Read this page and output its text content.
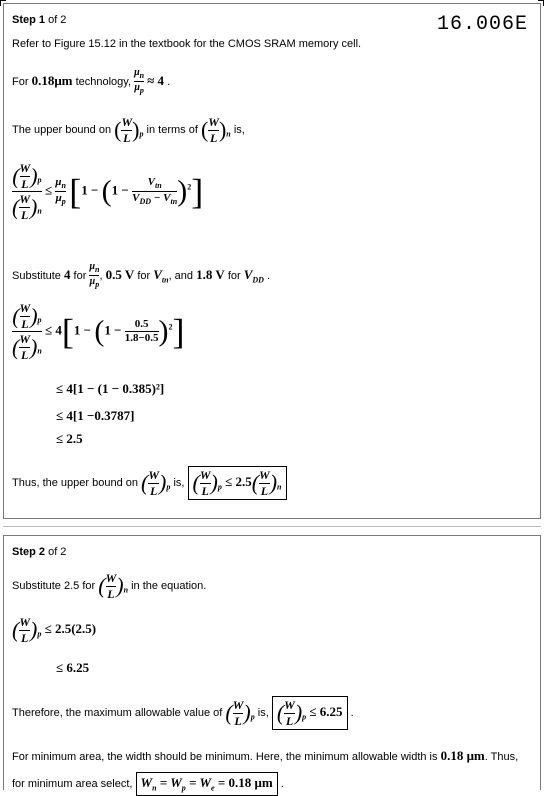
Step 1 of 2	16.006E
Refer to Figure 15.12 in the textbook for the CMOS SRAM memory cell.
For 0.18μm technology, $\frac{\mu_n}{\mu_p} \approx 4$ .
The upper bound on ( $\frac{W}{L} )_p$ in terms of ( $\frac{W}{L} )_n$ is,
$\frac{( \frac{W}{L} )_p}{( \frac{W}{L} )_n} \le \frac{\mu_n}{\mu_p} [1 - (1 - \frac{V_{tn}}{V_{DD} - V_{tn}} )^2]$
Substitute 4 for $\frac{\mu_n}{\mu_p}$ , 0.5 V for $V_{tn}$, and 1.8 V for $V_{DD}$ .
$\frac{( \frac{W}{L} )_p}{( \frac{W}{L} )_n} \le 4[1 - (1 - \frac{0.5}{1.8-0.5} )^2]$
≤ 4[1 − (1 − 0.385)²]
≤ 4[1 −0.3787]
≤ 2.5
Thus, the upper bound on ( $\frac{W}{L} )_p$ is, ( $\frac{W}{L} )_p \le 2.5( \frac{W}{L} )_n$
Step 2 of 2
Substitute 2.5 for ( $\frac{W}{L} )_n$ in the equation.
( $\frac{W}{L} )_p \le 2.5(2.5)$
≤ 6.25
Therefore, the maximum allowable value of ( $\frac{W}{L} )_p$ is, ( $\frac{W}{L} )_p \le 6.25$ .
For minimum area, the width should be minimum. Here, the minimum allowable width is 0.18 μm. Thus,
for minimum area select, $W_n = W_p = W_e = 0.18$ μm .
